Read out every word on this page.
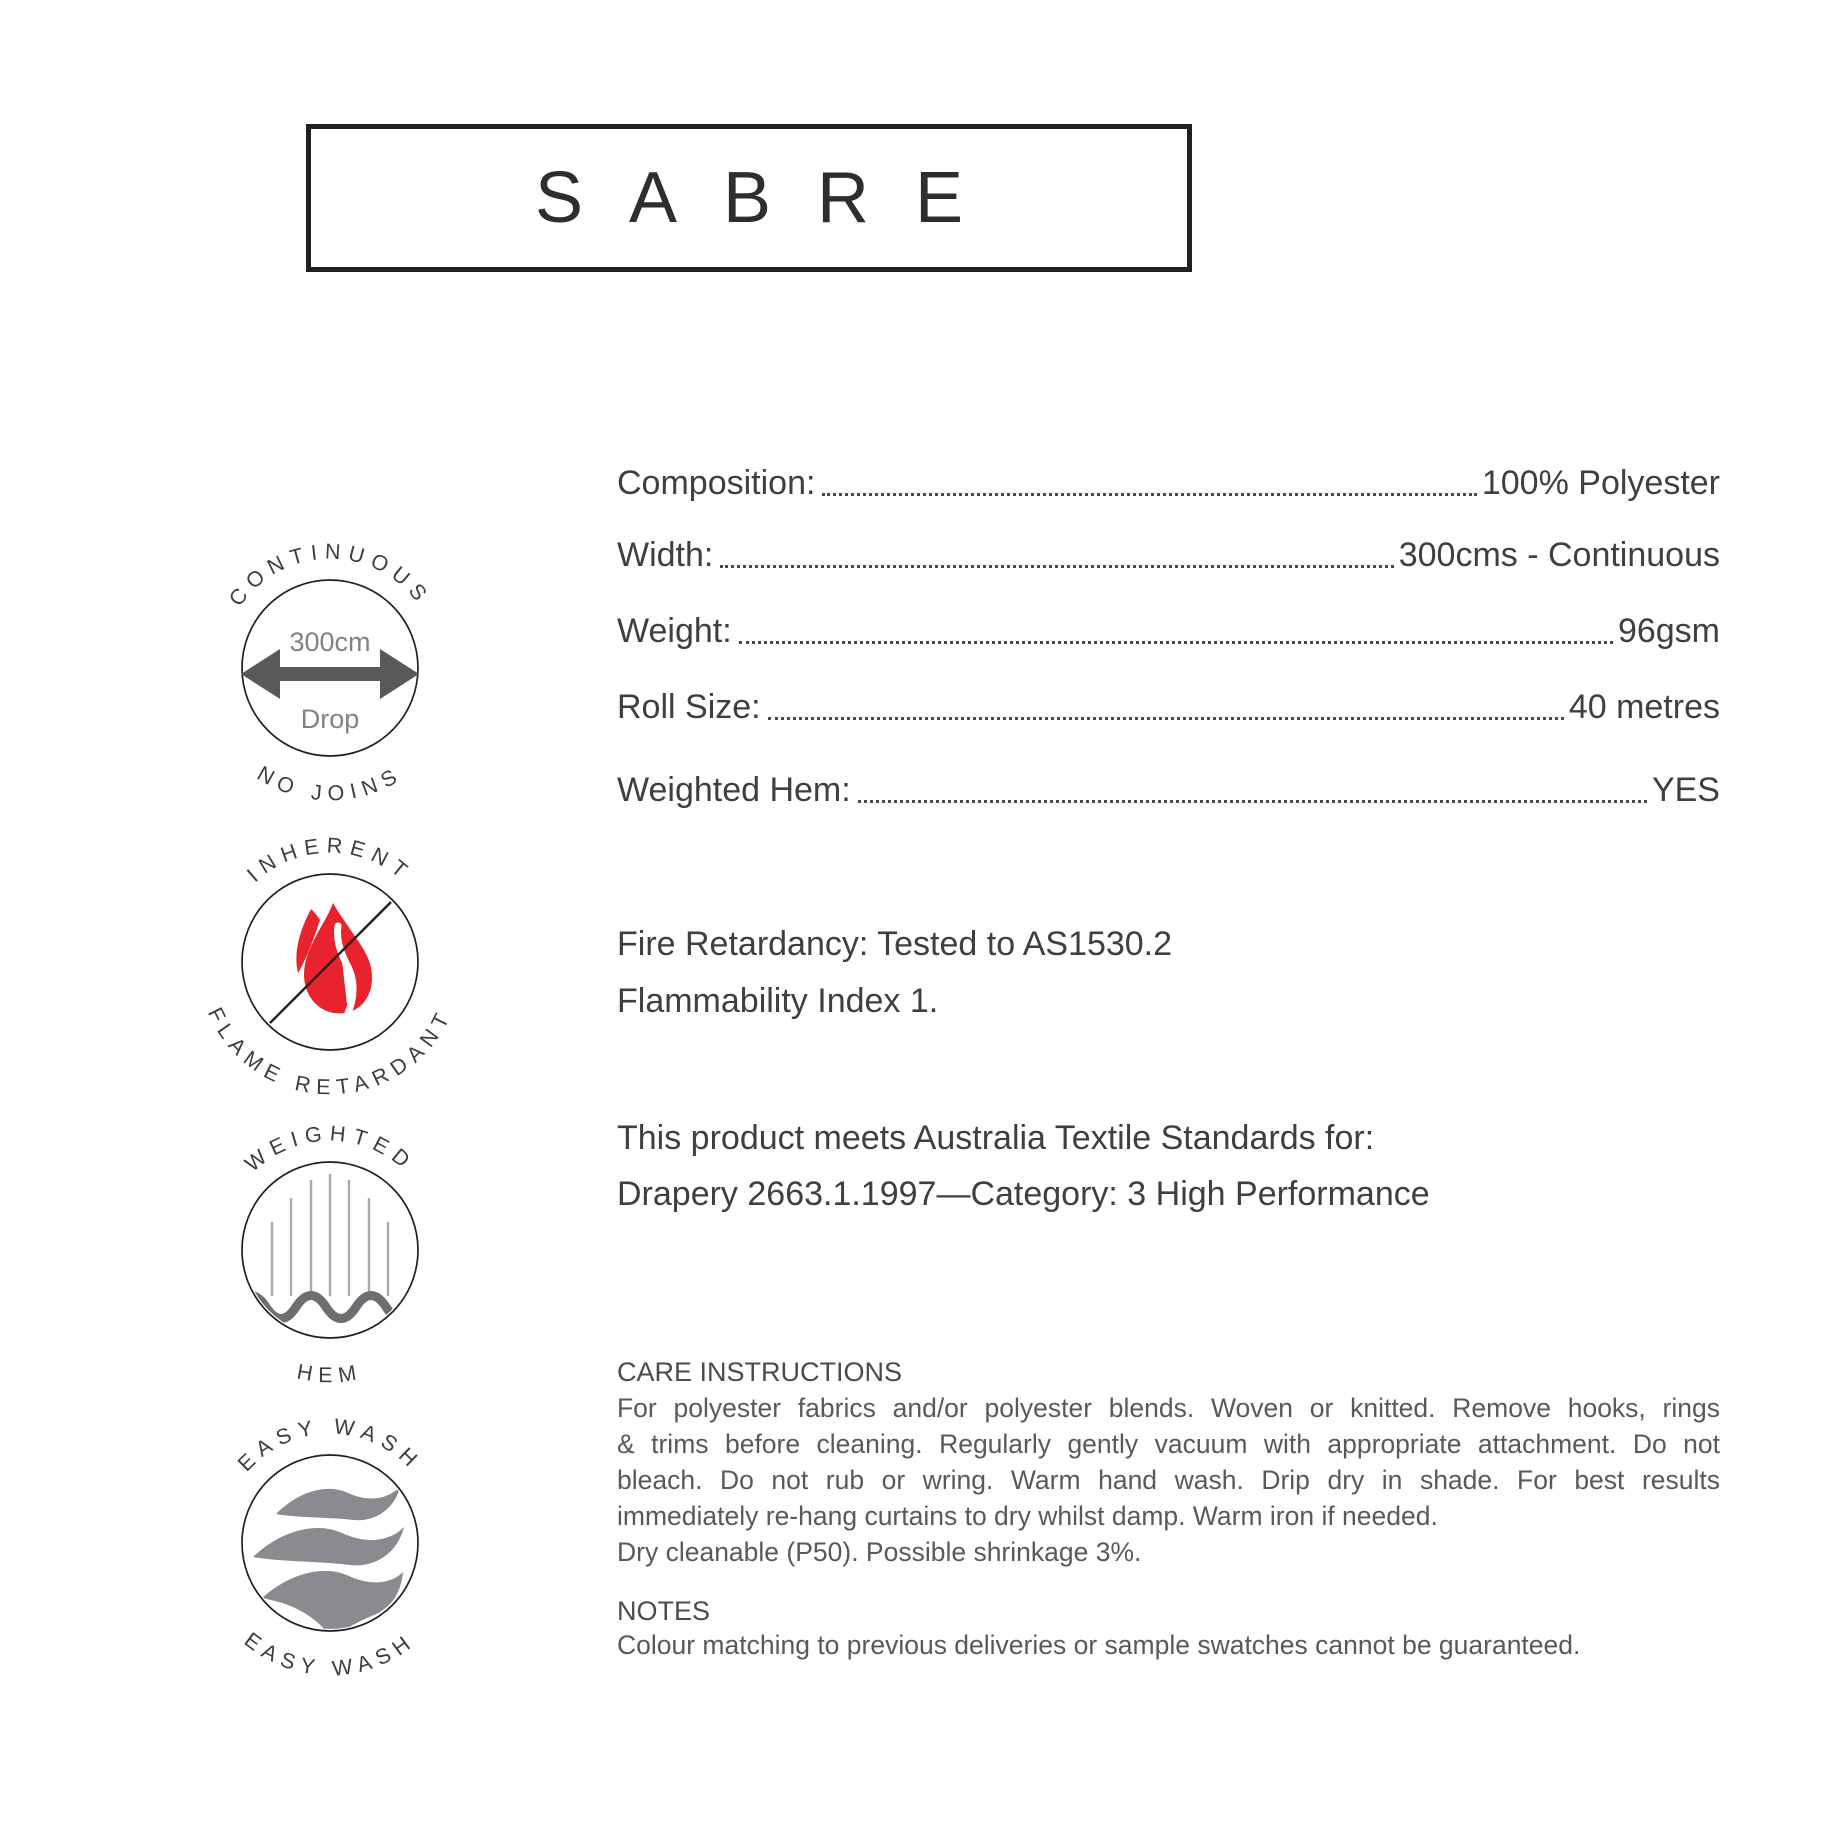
SABRE
CONTINUOUS
NO JOINS
300cm
Drop
INHERENT
FLAME RETARDANT
WEIGHTED
HEM
EASY WASH
EASY WASH
Composition:	100% Polyester
Width:	300cms - Continuous
Weight:	96gsm
Roll Size:	40 metres
Weighted Hem:	YES
Fire Retardancy: Tested to AS1530.2
Flammability Index 1.
This product meets Australia Textile Standards for:
Drapery 2663.1.1997—Category: 3 High Performance
CARE INSTRUCTIONS
For polyester fabrics and/or polyester blends. Woven or knitted. Remove hooks, rings
& trims before cleaning. Regularly gently vacuum with appropriate attachment. Do not
bleach. Do not rub or wring. Warm hand wash. Drip dry in shade. For best results
immediately re-hang curtains to dry whilst damp. Warm iron if needed.
Dry cleanable (P50). Possible shrinkage 3%.
NOTES
Colour matching to previous deliveries or sample swatches cannot be guaranteed.
